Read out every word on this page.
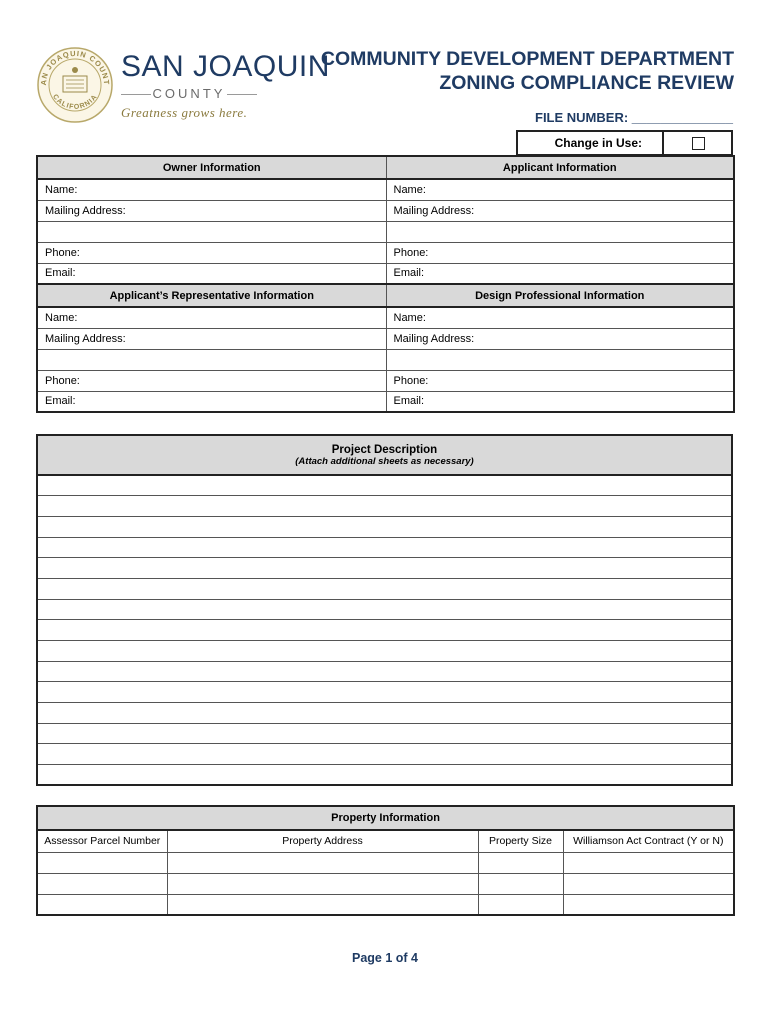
AN JOAQUIN COUNT
CALIFORNIA
SAN JOAQUIN
COUNTY
Greatness grows here.
COMMUNITY DEVELOPMENT DEPARTMENT
ZONING COMPLIANCE REVIEW
FILE NUMBER: ______________
Change in Use:
Owner Information	Applicant Information
Name:	Name:
Mailing Address:	Mailing Address:

Phone:	Phone:
Email:	Email:
Applicant’s Representative Information	Design Professional Information
Name:	Name:
Mailing Address:	Mailing Address:

Phone:	Phone:
Email:	Email:
Project Description
(Attach additional sheets as necessary)

Property Information			
Assessor Parcel Number	Property Address	Property Size	Williamson Act Contract (Y or N)

Page 1 of 4
